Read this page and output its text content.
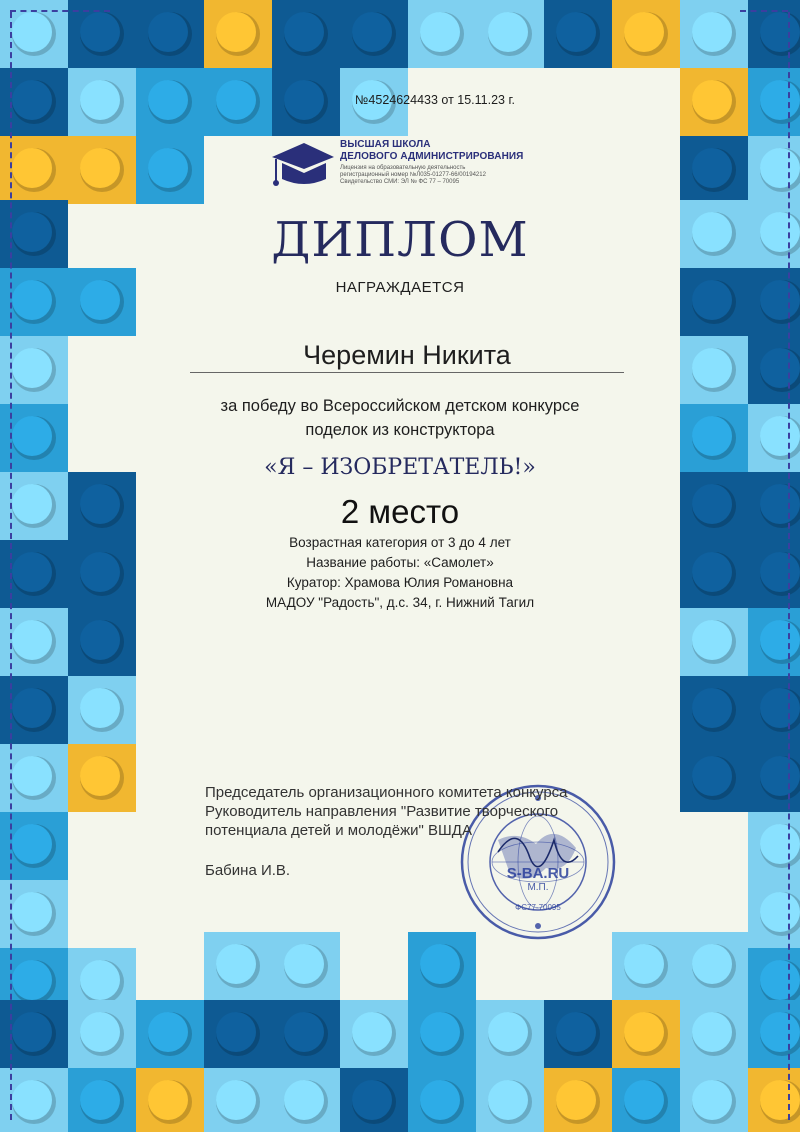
№4524624433 от 15.11.23 г.
ВЫСШАЯ ШКОЛА
ДЕЛОВОГО АДМИНИСТРИРОВАНИЯ
Лицензия на образовательную деятельность
регистрационный номер №Л035-01277-66/00194212
Свидетельство СМИ: ЭЛ № ФС 77 – 70095
ДИПЛОМ
НАГРАЖДАЕТСЯ
Черемин Никита
за победу во Всероссийском детском конкурсе
поделок из конструктора
«Я – ИЗОБРЕТАТЕЛЬ!»
2 место
Возрастная категория от 3 до 4 лет
Название работы: «Самолет»
Куратор: Храмова Юлия Романовна
МАДОУ "Радость", д.с. 34, г. Нижний Тагил
S-BA.RU
М.П.
ФС77-70095
Председатель организационного комитета конкурса
Руководитель направления "Развитие творческого
потенциала детей и молодёжи" ВШДА
Бабина И.В.
